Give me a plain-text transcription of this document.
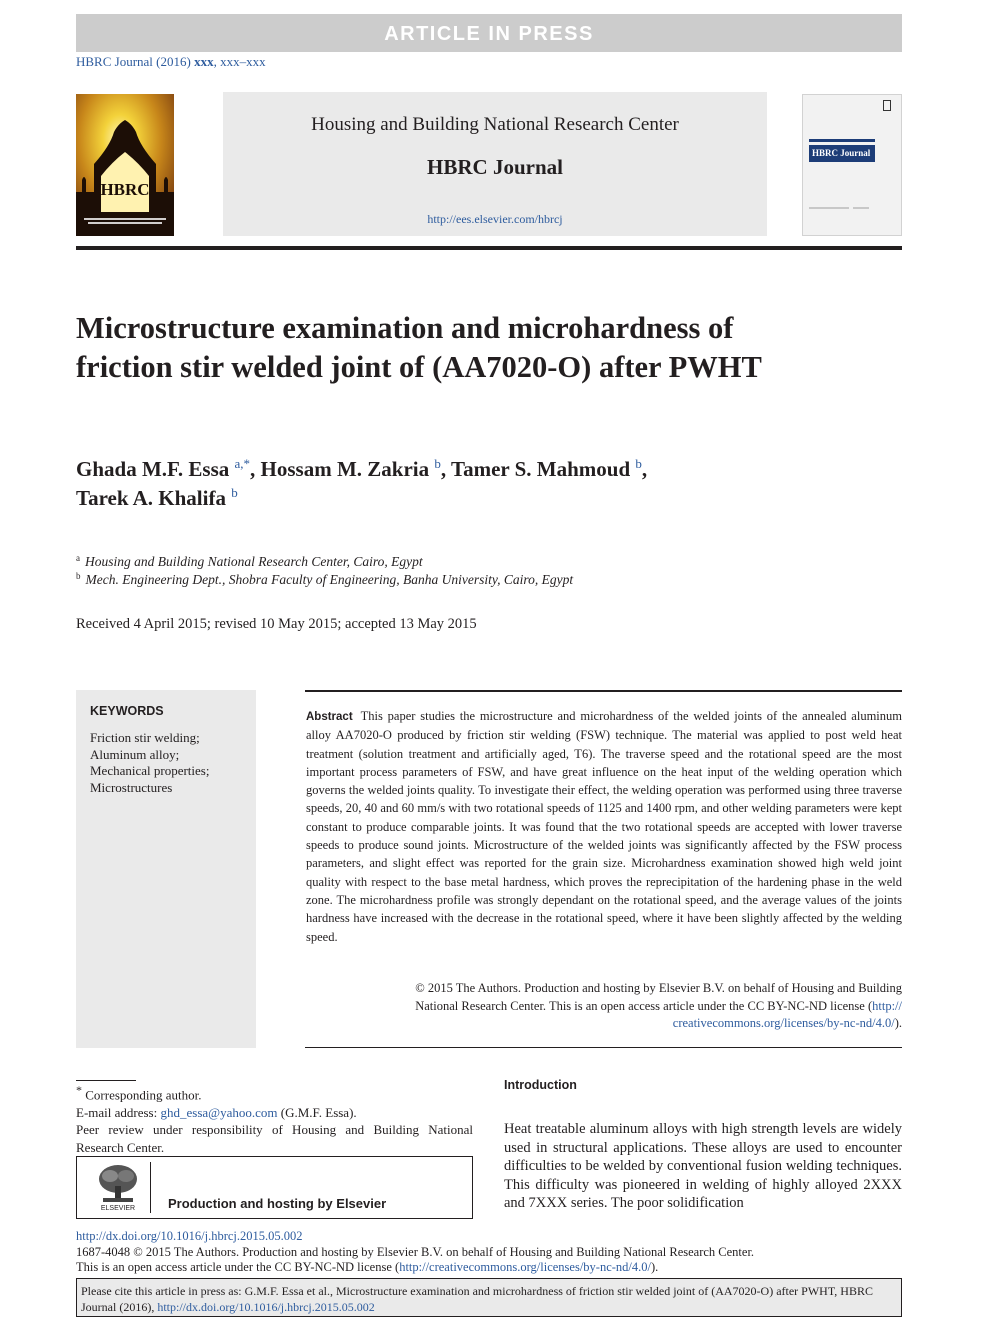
ARTICLE IN PRESS
HBRC Journal (2016) xxx, xxx–xxx
HBRC
Housing and Building National Research Center
HBRC Journal
http://ees.elsevier.com/hbrcj
HBRC Journal
Microstructure examination and microhardness of friction stir welded joint of (AA7020-O) after PWHT
Ghada M.F. Essa $^{a,*}$, Hossam M. Zakria $^b$, Tamer S. Mahmoud $^b$,
Tarek A. Khalifa $^b$
$^a$ Housing and Building National Research Center, Cairo, Egypt
$^b$ Mech. Engineering Dept., Shobra Faculty of Engineering, Banha University, Cairo, Egypt
Received 4 April 2015; revised 10 May 2015; accepted 13 May 2015
KEYWORDS
Friction stir welding;
Aluminum alloy;
Mechanical properties;
Microstructures
Abstract This paper studies the microstructure and microhardness of the welded joints of the annealed aluminum alloy AA7020-O produced by friction stir welding (FSW) technique. The material was applied to post weld heat treatment (solution treatment and artificially aged, T6). The traverse speed and the rotational speed are the most important process parameters of FSW, and have great influence on the heat input of the welding operation which governs the welded joints quality. To investigate their effect, the welding operation was performed using three traverse speeds, 20, 40 and 60 mm/s with two rotational speeds of 1125 and 1400 rpm, and other welding parameters were kept constant to produce comparable joints. It was found that the two rotational speeds are accepted with lower traverse speeds to produce sound joints. Microstructure of the welded joints was significantly affected by the FSW process parameters, and slight effect was reported for the grain size. Microhardness examination showed high weld joint quality with respect to the base metal hardness, which proves the reprecipitation of the hardening phase in the weld zone. The microhardness profile was strongly dependant on the rotational speed, and the average values of the joints hardness have increased with the decrease in the rotational speed, where it have been slightly affected by the welding speed.
© 2015 The Authors. Production and hosting by Elsevier B.V. on behalf of Housing and Building
National Research Center. This is an open access article under the CC BY-NC-ND license (http://
creativecommons.org/licenses/by-nc-nd/4.0/).
* Corresponding author.
E-mail address: ghd_essa@yahoo.com (G.M.F. Essa).
Peer review under responsibility of Housing and Building National Research Center.
ELSEVIER	Production and hosting by Elsevier
Introduction
Heat treatable aluminum alloys with high strength levels are widely used in structural applications. These alloys are used to encounter difficulties to be welded by conventional fusion welding techniques. This difficulty was pioneered in welding of highly alloyed 2XXX and 7XXX series. The poor solidification
http://dx.doi.org/10.1016/j.hbrcj.2015.05.002
1687-4048 © 2015 The Authors. Production and hosting by Elsevier B.V. on behalf of Housing and Building National Research Center.
This is an open access article under the CC BY-NC-ND license (http://creativecommons.org/licenses/by-nc-nd/4.0/).
Please cite this article in press as: G.M.F. Essa et al., Microstructure examination and microhardness of friction stir welded joint of (AA7020-O) after PWHT, HBRC Journal (2016), http://dx.doi.org/10.1016/j.hbrcj.2015.05.002
